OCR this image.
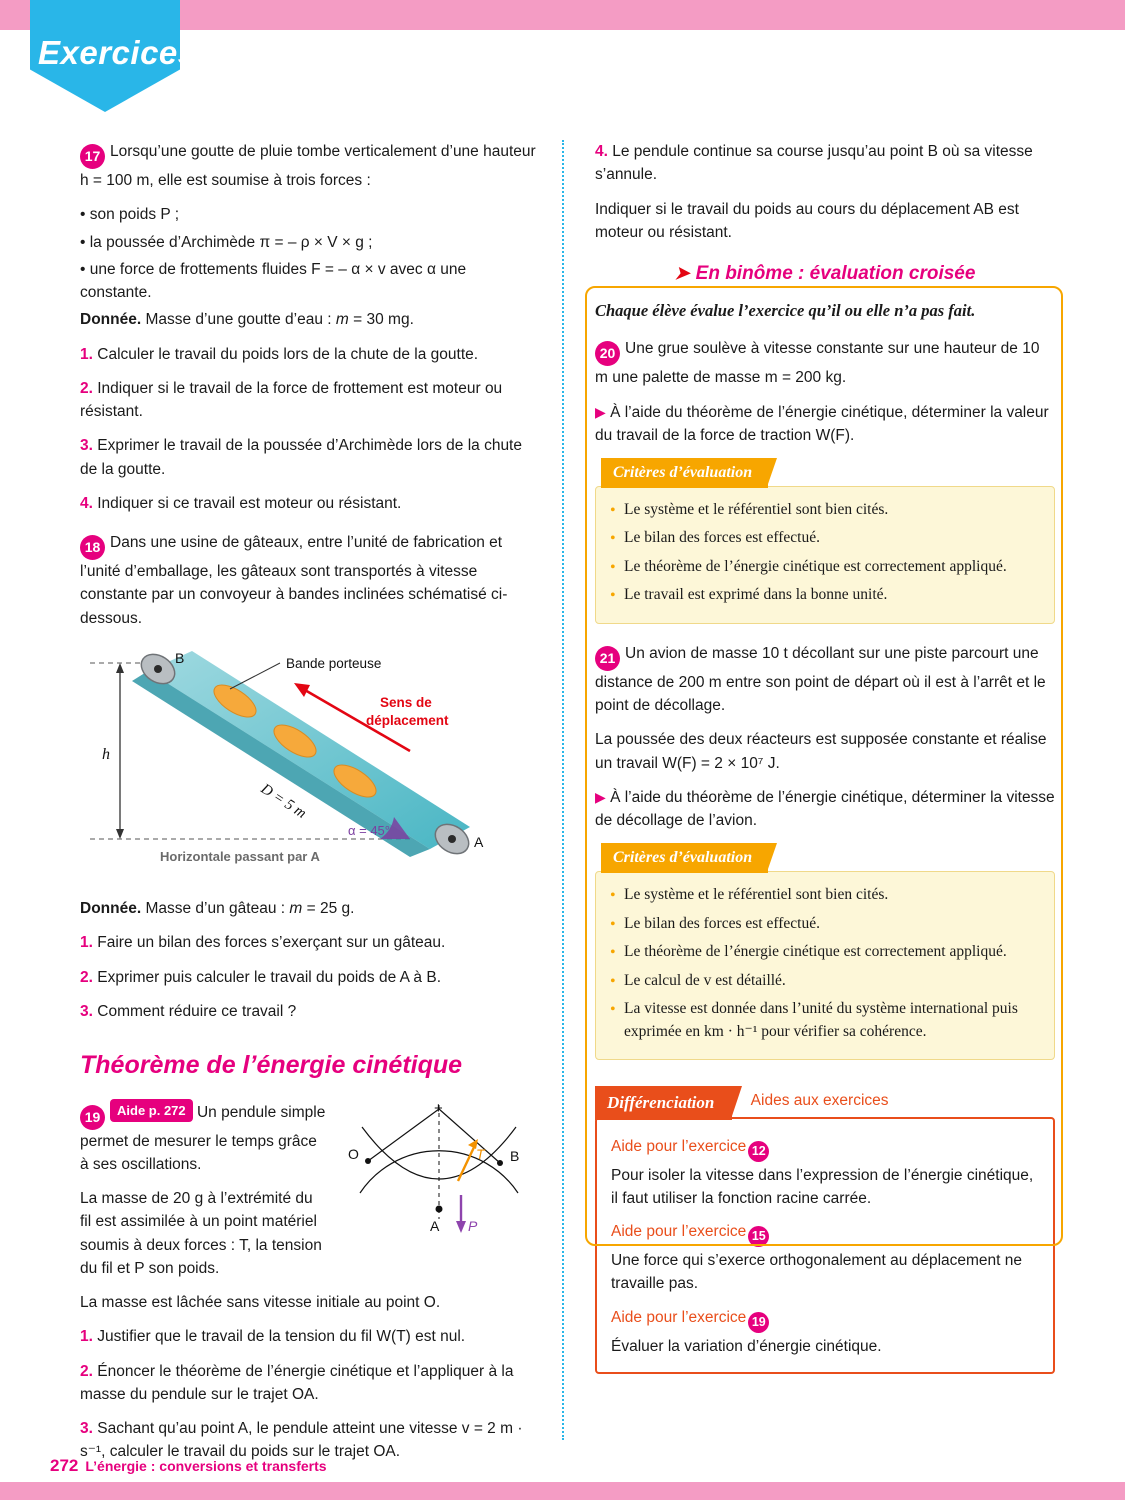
Exercices

17 Lorsqu’une goutte de pluie tombe verticalement d’une hauteur h = 100 m, elle est soumise à trois forces :

• son poids P ;

• la poussée d’Archimède π = – ρ × V × g ;

• une force de frottements fluides F = – α × v avec α une constante.

Donnée. Masse d’une goutte d’eau : m = 30 mg.

1. Calculer le travail du poids lors de la chute de la goutte.

2. Indiquer si le travail de la force de frottement est moteur ou résistant.

3. Exprimer le travail de la poussée d’Archimède lors de la chute de la goutte.

4. Indiquer si ce travail est moteur ou résistant.

18 Dans une usine de gâteaux, entre l’unité de fabrication et l’unité d’emballage, les gâteaux sont transportés à vitesse constante par un convoyeur à bandes inclinées schématisé ci-dessous.

h
B
A
Bande porteuse
Sens de
déplacement
D = 5 m
α = 45°
Horizontale passant par A

Donnée. Masse d’un gâteau : m = 25 g.

1. Faire un bilan des forces s’exerçant sur un gâteau.

2. Exprimer puis calculer le travail du poids de A à B.

3. Comment réduire ce travail ?

Théorème de l’énergie cinétique
+
O	B
A
T
P

19 Aide p. 272 Un pendule simple permet de mesurer le temps grâce à ses oscillations.

La masse de 20 g à l’extrémité du fil est assimilée à un point matériel soumis à deux forces : T, la tension du fil et P son poids.

La masse est lâchée sans vitesse initiale au point O.

1. Justifier que le travail de la tension du fil W(T) est nul.

2. Énoncer le théorème de l’énergie cinétique et l’appliquer à la masse du pendule sur le trajet OA.

3. Sachant qu’au point A, le pendule atteint une vitesse v = 2 m · s⁻¹, calculer le travail du poids sur le trajet OA.

4. Le pendule continue sa course jusqu’au point B où sa vitesse s’annule.

Indiquer si le travail du poids au cours du déplacement AB est moteur ou résistant.

➤ En binôme : évaluation croisée
Chaque élève évalue l’exercice qu’il ou elle n’a pas fait.

20 Une grue soulève à vitesse constante sur une hauteur de 10 m une palette de masse m = 200 kg.

▶ À l’aide du théorème de l’énergie cinétique, déterminer la valeur du travail de la force de traction W(F).

Critères d’évaluation
• Le système et le référentiel sont bien cités.
• Le bilan des forces est effectué.
• Le théorème de l’énergie cinétique est correctement appliqué.
• Le travail est exprimé dans la bonne unité.

21 Un avion de masse 10 t décollant sur une piste parcourt une distance de 200 m entre son point de départ où il est à l’arrêt et le point de décollage.

La poussée des deux réacteurs est supposée constante et réalise un travail W(F) = 2 × 10⁷ J.

▶ À l’aide du théorème de l’énergie cinétique, déterminer la vitesse de décollage de l’avion.

Critères d’évaluation
• Le système et le référentiel sont bien cités.
• Le bilan des forces est effectué.
• Le théorème de l’énergie cinétique est correctement appliqué.
• Le calcul de v est détaillé.
• La vitesse est donnée dans l’unité du système international puis exprimée en km · h⁻¹ pour vérifier sa cohérence.
Différenciation Aides aux exercices
Aide pour l’exercice 12

Pour isoler la vitesse dans l’expression de l’énergie cinétique, il faut utiliser la fonction racine carrée.

Aide pour l’exercice 15

Une force qui s’exerce orthogonalement au déplacement ne travaille pas.

Aide pour l’exercice 19

Évaluer la variation d’énergie cinétique.

272 L’énergie : conversions et transferts
